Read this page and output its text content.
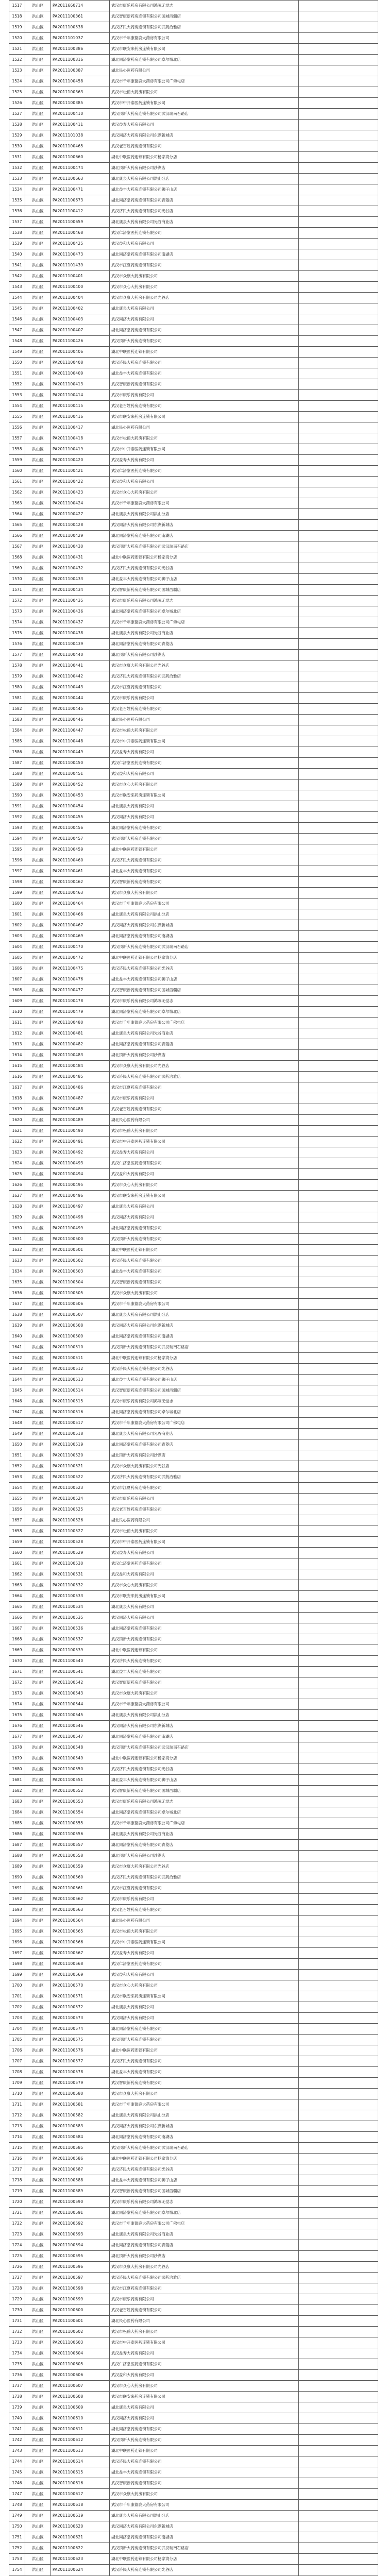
1517	洪山区	PA2011660714	武汉市康乐药房有限公司鸿啄无觉志	
1518	洪山区	PA2011100361	武汉智康新药房连锁有限公司国城西疆店	
1519	洪山区	PA2011100538	武汉济民大药房连锁有限公司武药洽雅店	
1520	洪山区	PA2011101037	武汉市千年康德鹿大药房有限公司	
1521	洪山区	PA2011100386	武汉市联安来药房连锁有限公司	
1522	洪山区	PA2011100316	湖北同济堂药房连锁有限公司卓尔城北店	
1523	洪山区	PA2011100387	湖北民心医药有限公司	
1524	洪山区	PA2011100458	武汉市千年康德鹿大药房有限公司广佛屯店	
1525	洪山区	PA2011100363	武汉市松鹤大药房有限公司	
1526	洪山区	PA2011100385	武汉市中开泰医药连锁有限公司	
1527	洪山区	PA2011100410	武汉顶新大药房连锁有限公司武汉瑞南石路店	
1528	洪山区	PA2011100411	武汉益寿大药房有限公司	
1529	洪山区	PA2011101038	武汉同济大药房有限公司东湖新城店	
1530	洪山区	PA2011100465	武汉老百姓药房连锁有限公司	
1531	洪山区	PA2011100660	湖北中联医药连锁有限公司杨家湾分店	
1532	洪山区	PA2011100474	湖北顶新大药房有限公司沙湖店	
1533	洪山区	PA2011100663	湖北康泉大药房有限公司洪山分店	
1534	洪山区	PA2011100471	湖北益丰大药房连锁有限公司狮子山店	
1535	洪山区	PA2011100673	湖北同济堂药房连锁有限公司青菱店	
1536	洪山区	PA2011100412	武汉济民大药房连锁有限公司光谷店	
1537	洪山区	PA2011100659	湖北康泉大药房有限公司光谷商业店	
1538	洪山区	PA2011100468	武汉仁济堂医药连锁有限公司	
1539	洪山区	PA2011100425	武汉益和大药房有限公司	
1540	洪山区	PA2011100473	湖北同济堂药房连锁有限公司南湖店	
1541	洪山区	PA2011101439	武汉市江夏药房连锁有限公司	
1542	洪山区	PA2011100401	武汉市众康大药房有限公司	
1543	洪山区	PA2011100400	武汉市众心大药房有限公司	
1544	洪山区	PA2011100404	武汉市众康大药房有限公司光谷店	
1545	洪山区	PA2011100402	湖北康泉大药房有限公司	
1546	洪山区	PA2011100403	武汉同济大药房有限公司	
1547	洪山区	PA2011100407	湖北同济堂药房连锁有限公司	
1548	洪山区	PA2011100426	武汉顶新大药房连锁有限公司	
1549	洪山区	PA2011100406	湖北中联医药连锁有限公司	
1550	洪山区	PA2011100408	武汉济民大药房连锁有限公司	
1551	洪山区	PA2011100409	湖北益丰大药房连锁有限公司	
1552	洪山区	PA2011100413	武汉智康新药房连锁有限公司	
1553	洪山区	PA2011100414	武汉市康乐药房有限公司	
1554	洪山区	PA2011100415	武汉老百姓药房连锁有限公司	
1555	洪山区	PA2011100416	武汉市联安来药房连锁有限公司	
1556	洪山区	PA2011100417	湖北民心医药有限公司	
1557	洪山区	PA2011100418	武汉市松鹤大药房有限公司	
1558	洪山区	PA2011100419	武汉市中开泰医药连锁有限公司	
1559	洪山区	PA2011100420	武汉益寿大药房有限公司	
1560	洪山区	PA2011100421	武汉仁济堂医药连锁有限公司	
1561	洪山区	PA2011100422	武汉益和大药房有限公司	
1562	洪山区	PA2011100423	武汉市众心大药房有限公司	
1563	洪山区	PA2011100424	武汉市千年康德鹿大药房有限公司	
1564	洪山区	PA2011100427	湖北康泉大药房有限公司洪山分店	
1565	洪山区	PA2011100428	武汉同济大药房有限公司东湖新城店	
1566	洪山区	PA2011100429	湖北同济堂药房连锁有限公司南湖店	
1567	洪山区	PA2011100430	武汉顶新大药房连锁有限公司武汉瑞南石路店	
1568	洪山区	PA2011100431	湖北中联医药连锁有限公司杨家湾分店	
1569	洪山区	PA2011100432	武汉济民大药房连锁有限公司光谷店	
1570	洪山区	PA2011100433	湖北益丰大药房连锁有限公司狮子山店	
1571	洪山区	PA2011100434	武汉智康新药房连锁有限公司国城西疆店	
1572	洪山区	PA2011100435	武汉市康乐药房有限公司鸿啄无觉志	
1573	洪山区	PA2011100436	湖北同济堂药房连锁有限公司卓尔城北店	
1574	洪山区	PA2011100437	武汉市千年康德鹿大药房有限公司广佛屯店	
1575	洪山区	PA2011100438	湖北康泉大药房有限公司光谷商业店	
1576	洪山区	PA2011100439	湖北同济堂药房连锁有限公司青菱店	
1577	洪山区	PA2011100440	湖北顶新大药房有限公司沙湖店	
1578	洪山区	PA2011100441	武汉市众康大药房有限公司光谷店	
1579	洪山区	PA2011100442	武汉济民大药房连锁有限公司武药洽雅店	
1580	洪山区	PA2011100443	武汉市江夏药房连锁有限公司	
1581	洪山区	PA2011100444	武汉市康乐药房有限公司	
1582	洪山区	PA2011100445	武汉老百姓药房连锁有限公司	
1583	洪山区	PA2011100446	湖北民心医药有限公司	
1584	洪山区	PA2011100447	武汉市松鹤大药房有限公司	
1585	洪山区	PA2011100448	武汉市中开泰医药连锁有限公司	
1586	洪山区	PA2011100449	武汉益寿大药房有限公司	
1587	洪山区	PA2011100450	武汉仁济堂医药连锁有限公司	
1588	洪山区	PA2011100451	武汉益和大药房有限公司	
1589	洪山区	PA2011100452	武汉市众心大药房有限公司	
1590	洪山区	PA2011100453	武汉市联安来药房连锁有限公司	
1591	洪山区	PA2011100454	湖北康泉大药房有限公司	
1592	洪山区	PA2011100455	武汉同济大药房有限公司	
1593	洪山区	PA2011100456	湖北同济堂药房连锁有限公司	
1594	洪山区	PA2011100457	武汉顶新大药房连锁有限公司	
1595	洪山区	PA2011100459	湖北中联医药连锁有限公司	
1596	洪山区	PA2011100460	武汉济民大药房连锁有限公司	
1597	洪山区	PA2011100461	湖北益丰大药房连锁有限公司	
1598	洪山区	PA2011100462	武汉智康新药房连锁有限公司	
1599	洪山区	PA2011100463	武汉市众康大药房有限公司	
1600	洪山区	PA2011100464	武汉市千年康德鹿大药房有限公司	
1601	洪山区	PA2011100466	湖北康泉大药房有限公司洪山分店	
1602	洪山区	PA2011100467	武汉同济大药房有限公司东湖新城店	
1603	洪山区	PA2011100469	湖北同济堂药房连锁有限公司南湖店	
1604	洪山区	PA2011100470	武汉顶新大药房连锁有限公司武汉瑞南石路店	
1605	洪山区	PA2011100472	湖北中联医药连锁有限公司杨家湾分店	
1606	洪山区	PA2011100475	武汉济民大药房连锁有限公司光谷店	
1607	洪山区	PA2011100476	湖北益丰大药房连锁有限公司狮子山店	
1608	洪山区	PA2011100477	武汉智康新药房连锁有限公司国城西疆店	
1609	洪山区	PA2011100478	武汉市康乐药房有限公司鸿啄无觉志	
1610	洪山区	PA2011100479	湖北同济堂药房连锁有限公司卓尔城北店	
1611	洪山区	PA2011100480	武汉市千年康德鹿大药房有限公司广佛屯店	
1612	洪山区	PA2011100481	湖北康泉大药房有限公司光谷商业店	
1613	洪山区	PA2011100482	湖北同济堂药房连锁有限公司青菱店	
1614	洪山区	PA2011100483	湖北顶新大药房有限公司沙湖店	
1615	洪山区	PA2011100484	武汉市众康大药房有限公司光谷店	
1616	洪山区	PA2011100485	武汉济民大药房连锁有限公司武药洽雅店	
1617	洪山区	PA2011100486	武汉市江夏药房连锁有限公司	
1618	洪山区	PA2011100487	武汉市康乐药房有限公司	
1619	洪山区	PA2011100488	武汉老百姓药房连锁有限公司	
1620	洪山区	PA2011100489	湖北民心医药有限公司	
1621	洪山区	PA2011100490	武汉市松鹤大药房有限公司	
1622	洪山区	PA2011100491	武汉市中开泰医药连锁有限公司	
1623	洪山区	PA2011100492	武汉益寿大药房有限公司	
1624	洪山区	PA2011100493	武汉仁济堂医药连锁有限公司	
1625	洪山区	PA2011100494	武汉益和大药房有限公司	
1626	洪山区	PA2011100495	武汉市众心大药房有限公司	
1627	洪山区	PA2011100496	武汉市联安来药房连锁有限公司	
1628	洪山区	PA2011100497	湖北康泉大药房有限公司	
1629	洪山区	PA2011100498	武汉同济大药房有限公司	
1630	洪山区	PA2011100499	湖北同济堂药房连锁有限公司	
1631	洪山区	PA2011100500	武汉顶新大药房连锁有限公司	
1632	洪山区	PA2011100501	湖北中联医药连锁有限公司	
1633	洪山区	PA2011100502	武汉济民大药房连锁有限公司	
1634	洪山区	PA2011100503	湖北益丰大药房连锁有限公司	
1635	洪山区	PA2011100504	武汉智康新药房连锁有限公司	
1636	洪山区	PA2011100505	武汉市众康大药房有限公司	
1637	洪山区	PA2011100506	武汉市千年康德鹿大药房有限公司	
1638	洪山区	PA2011100507	湖北康泉大药房有限公司洪山分店	
1639	洪山区	PA2011100508	武汉同济大药房有限公司东湖新城店	
1640	洪山区	PA2011100509	湖北同济堂药房连锁有限公司南湖店	
1641	洪山区	PA2011100510	武汉顶新大药房连锁有限公司武汉瑞南石路店	
1642	洪山区	PA2011100511	湖北中联医药连锁有限公司杨家湾分店	
1643	洪山区	PA2011100512	武汉济民大药房连锁有限公司光谷店	
1644	洪山区	PA2011100513	湖北益丰大药房连锁有限公司狮子山店	
1645	洪山区	PA2011100514	武汉智康新药房连锁有限公司国城西疆店	
1646	洪山区	PA2011100515	武汉市康乐药房有限公司鸿啄无觉志	
1647	洪山区	PA2011100516	湖北同济堂药房连锁有限公司卓尔城北店	
1648	洪山区	PA2011100517	武汉市千年康德鹿大药房有限公司广佛屯店	
1649	洪山区	PA2011100518	湖北康泉大药房有限公司光谷商业店	
1650	洪山区	PA2011100519	湖北同济堂药房连锁有限公司青菱店	
1651	洪山区	PA2011100520	湖北顶新大药房有限公司沙湖店	
1652	洪山区	PA2011100521	武汉市众康大药房有限公司光谷店	
1653	洪山区	PA2011100522	武汉济民大药房连锁有限公司武药洽雅店	
1654	洪山区	PA2011100523	武汉市江夏药房连锁有限公司	
1655	洪山区	PA2011100524	武汉市康乐药房有限公司	
1656	洪山区	PA2011100525	武汉老百姓药房连锁有限公司	
1657	洪山区	PA2011100526	湖北民心医药有限公司	
1658	洪山区	PA2011100527	武汉市松鹤大药房有限公司	
1659	洪山区	PA2011100528	武汉市中开泰医药连锁有限公司	
1660	洪山区	PA2011100529	武汉益寿大药房有限公司	
1661	洪山区	PA2011100530	武汉仁济堂医药连锁有限公司	
1662	洪山区	PA2011100531	武汉益和大药房有限公司	
1663	洪山区	PA2011100532	武汉市众心大药房有限公司	
1664	洪山区	PA2011100533	武汉市联安来药房连锁有限公司	
1665	洪山区	PA2011100534	湖北康泉大药房有限公司	
1666	洪山区	PA2011100535	武汉同济大药房有限公司	
1667	洪山区	PA2011100536	湖北同济堂药房连锁有限公司	
1668	洪山区	PA2011100537	武汉顶新大药房连锁有限公司	
1669	洪山区	PA2011100539	湖北中联医药连锁有限公司	
1670	洪山区	PA2011100540	武汉济民大药房连锁有限公司	
1671	洪山区	PA2011100541	湖北益丰大药房连锁有限公司	
1672	洪山区	PA2011100542	武汉智康新药房连锁有限公司	
1673	洪山区	PA2011100543	武汉市众康大药房有限公司	
1674	洪山区	PA2011100544	武汉市千年康德鹿大药房有限公司	
1675	洪山区	PA2011100545	湖北康泉大药房有限公司洪山分店	
1676	洪山区	PA2011100546	武汉同济大药房有限公司东湖新城店	
1677	洪山区	PA2011100547	湖北同济堂药房连锁有限公司南湖店	
1678	洪山区	PA2011100548	武汉顶新大药房连锁有限公司武汉瑞南石路店	
1679	洪山区	PA2011100549	湖北中联医药连锁有限公司杨家湾分店	
1680	洪山区	PA2011100550	武汉济民大药房连锁有限公司光谷店	
1681	洪山区	PA2011100551	湖北益丰大药房连锁有限公司狮子山店	
1682	洪山区	PA2011100552	武汉智康新药房连锁有限公司国城西疆店	
1683	洪山区	PA2011100553	武汉市康乐药房有限公司鸿啄无觉志	
1684	洪山区	PA2011100554	湖北同济堂药房连锁有限公司卓尔城北店	
1685	洪山区	PA2011100555	武汉市千年康德鹿大药房有限公司广佛屯店	
1686	洪山区	PA2011100556	湖北康泉大药房有限公司光谷商业店	
1687	洪山区	PA2011100557	湖北同济堂药房连锁有限公司青菱店	
1688	洪山区	PA2011100558	湖北顶新大药房有限公司沙湖店	
1689	洪山区	PA2011100559	武汉市众康大药房有限公司光谷店	
1690	洪山区	PA2011100560	武汉济民大药房连锁有限公司武药洽雅店	
1691	洪山区	PA2011100561	武汉市江夏药房连锁有限公司	
1692	洪山区	PA2011100562	武汉市康乐药房有限公司	
1693	洪山区	PA2011100563	武汉老百姓药房连锁有限公司	
1694	洪山区	PA2011100564	湖北民心医药有限公司	
1695	洪山区	PA2011100565	武汉市松鹤大药房有限公司	
1696	洪山区	PA2011100566	武汉市中开泰医药连锁有限公司	
1697	洪山区	PA2011100567	武汉益寿大药房有限公司	
1698	洪山区	PA2011100568	武汉仁济堂医药连锁有限公司	
1699	洪山区	PA2011100569	武汉益和大药房有限公司	
1700	洪山区	PA2011100570	武汉市众心大药房有限公司	
1701	洪山区	PA2011100571	武汉市联安来药房连锁有限公司	
1702	洪山区	PA2011100572	湖北康泉大药房有限公司	
1703	洪山区	PA2011100573	武汉同济大药房有限公司	
1704	洪山区	PA2011100574	湖北同济堂药房连锁有限公司	
1705	洪山区	PA2011100575	武汉顶新大药房连锁有限公司	
1706	洪山区	PA2011100576	湖北中联医药连锁有限公司	
1707	洪山区	PA2011100577	武汉济民大药房连锁有限公司	
1708	洪山区	PA2011100578	湖北益丰大药房连锁有限公司	
1709	洪山区	PA2011100579	武汉智康新药房连锁有限公司	
1710	洪山区	PA2011100580	武汉市众康大药房有限公司	
1711	洪山区	PA2011100581	武汉市千年康德鹿大药房有限公司	
1712	洪山区	PA2011100582	湖北康泉大药房有限公司洪山分店	
1713	洪山区	PA2011100583	武汉同济大药房有限公司东湖新城店	
1714	洪山区	PA2011100584	湖北同济堂药房连锁有限公司南湖店	
1715	洪山区	PA2011100585	武汉顶新大药房连锁有限公司武汉瑞南石路店	
1716	洪山区	PA2011100586	湖北中联医药连锁有限公司杨家湾分店	
1717	洪山区	PA2011100587	武汉济民大药房连锁有限公司光谷店	
1718	洪山区	PA2011100588	湖北益丰大药房连锁有限公司狮子山店	
1719	洪山区	PA2011100589	武汉智康新药房连锁有限公司国城西疆店	
1720	洪山区	PA2011100590	武汉市康乐药房有限公司鸿啄无觉志	
1721	洪山区	PA2011100591	湖北同济堂药房连锁有限公司卓尔城北店	
1722	洪山区	PA2011100592	武汉市千年康德鹿大药房有限公司广佛屯店	
1723	洪山区	PA2011100593	湖北康泉大药房有限公司光谷商业店	
1724	洪山区	PA2011100594	湖北同济堂药房连锁有限公司青菱店	
1725	洪山区	PA2011100595	湖北顶新大药房有限公司沙湖店	
1726	洪山区	PA2011100596	武汉市众康大药房有限公司光谷店	
1727	洪山区	PA2011100597	武汉济民大药房连锁有限公司武药洽雅店	
1728	洪山区	PA2011100598	武汉市江夏药房连锁有限公司	
1729	洪山区	PA2011100599	武汉市康乐药房有限公司	
1730	洪山区	PA2011100600	武汉老百姓药房连锁有限公司	
1731	洪山区	PA2011100601	湖北民心医药有限公司	
1732	洪山区	PA2011100602	武汉市松鹤大药房有限公司	
1733	洪山区	PA2011100603	武汉市中开泰医药连锁有限公司	
1734	洪山区	PA2011100604	武汉益寿大药房有限公司	
1735	洪山区	PA2011100605	武汉仁济堂医药连锁有限公司	
1736	洪山区	PA2011100606	武汉益和大药房有限公司	
1737	洪山区	PA2011100607	武汉市众心大药房有限公司	
1738	洪山区	PA2011100608	武汉市联安来药房连锁有限公司	
1739	洪山区	PA2011100609	湖北康泉大药房有限公司	
1740	洪山区	PA2011100610	武汉同济大药房有限公司	
1741	洪山区	PA2011100611	湖北同济堂药房连锁有限公司	
1742	洪山区	PA2011100612	武汉顶新大药房连锁有限公司	
1743	洪山区	PA2011100613	湖北中联医药连锁有限公司	
1744	洪山区	PA2011100614	武汉济民大药房连锁有限公司	
1745	洪山区	PA2011100615	湖北益丰大药房连锁有限公司	
1746	洪山区	PA2011100616	武汉智康新药房连锁有限公司	
1747	洪山区	PA2011100617	武汉市众康大药房有限公司	
1748	洪山区	PA2011100618	武汉市千年康德鹿大药房有限公司	
1749	洪山区	PA2011100619	湖北康泉大药房有限公司洪山分店	
1750	洪山区	PA2011100620	武汉同济大药房有限公司东湖新城店	
1751	洪山区	PA2011100621	湖北同济堂药房连锁有限公司南湖店	
1752	洪山区	PA2011100622	武汉顶新大药房连锁有限公司武汉瑞南石路店	
1753	洪山区	PA2011100623	湖北中联医药连锁有限公司杨家湾分店	
1754	洪山区	PA2011100624	武汉济民大药房连锁有限公司光谷店	
